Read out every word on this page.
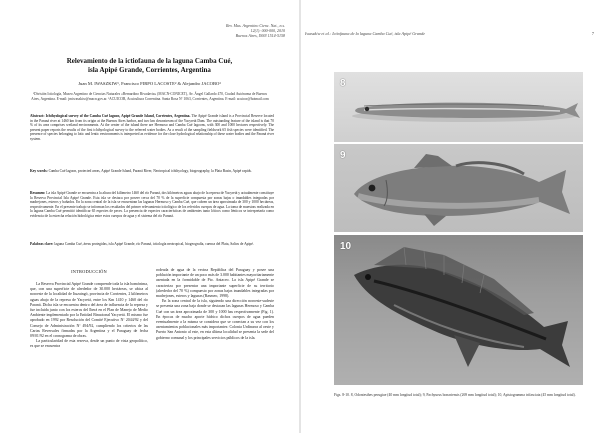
Rev. Mus. Argentino Cienc. Nat., n.s.
12(1): 000-000, 2010
Buenos Aires, ISSN 1514-5158
Relevamiento de la ictiofauna de la laguna Camba Cué,
isla Apipé Grande, Corrientes, Argentina
Juan M. IWASZKIW¹, Francisco FIRPO LACOSTE² & Alejandro JACOBO³
¹División Ictiología, Museo Argentino de Ciencias Naturales «Bernardino Rivadavia» (MACN-CONICET), Av. Ángel Gallardo 470, Ciudad Autónoma de Buenos Aires, Argentina. E-mail: jmiwaszkiw@macn.gov.ar. ²ACUICOR, Acuicultura Correntina. Santa Rosa Nº 1063, Corrientes, Argentina. E-mail: acuicor@hotmail.com
Abstract: Ichthyological survey of the Camba Cué lagoon, Apipé Grande Island, Corrientes, Argentina. The Apipé Grande island is a Provincial Reserve located in the Paraná river at 1460 km from its origin at the Buenos Aires harbor, and two km downstream of the Yacyretá Dam. The outstanding feature of the island is that 70 % of its area comprises wetland environments. At the center of the island there are Hermoso and Camba Cué lagoons, with 300 and 1000 hectares respectively. The present paper reports the results of the first ichthyological survey to the referred water bodies. As a result of the sampling fieldwork 65 fish species were identified. The presence of species belonging to lotic and lentic environments is interpreted as evidence for the close hydrological relationship of these water bodies and the Paraná river system.
Key words: Camba Cué lagoon, protected areas, Apipé Grande Island, Paraná River, Neotropical ichthyology, biogeography, la Plata Basin, Apipé rapids.
Resumen: La isla Apipé Grande se encuentra a la altura del kilómetro 1460 del río Paraná, dos kilómetros aguas abajo de la represa de Yacyretá y actualmente constituye la Reserva Provincial Isla Apipé Grande. Esta isla se destaca por poseer cerca del 70 % de la superficie compuesta por zonas bajas o inundables integradas por madrejones, esteros y bañados. En la zona central de la isla se encuentran las lagunas Hermoso y Camba Cué, que cubren un área aproximada de 300 y 1000 hectáreas, respectivamente. En el presente trabajo se informan los resultados del primer relevamiento ictiológico de los referidos cuerpos de agua. La toma de muestras realizada en la laguna Camba Cué permitió identificar 65 especies de peces. La presencia de especies características de ambientes tanto lóticos como lénticos se interpretaría como evidencia de la estrecha relación hidrológica entre estos cuerpos de agua y el sistema del río Paraná.
Palabras clave: laguna Camba Cué, áreas protegidas, isla Apipé Grande, río Paraná, ictiología neotropical, biogeografía, cuenca del Plata, Saltos de Apipé.
INTRODUCCIÓN

La Reserva Provincial Apipé Grande comprende toda la isla homónima, que, con una superficie de alrededor de 30.000 hectáreas, se ubica al noroeste de la localidad de Ituzaingó, provincia de Corrientes, 2 kilómetros aguas abajo de la represa de Yacyretá, entre los Km 1410 y 1460 del río Paraná. Dicha isla se encuentra dentro del área de influencia de la represa y fue incluida junto con los esteros del Iberá en el Plan de Manejo de Medio Ambiente implementado por la Entidad Binacional Yacyretá. El mismo fue aprobado en 1992 por Resolución del Comité Ejecutivo Nº 2044/92 y del Consejo de Administración Nº 494/92, cumpliendo los criterios de las Cartas Reversales firmadas por la Argentina y el Paraguay de fecha 09/01/92 en el cronograma de obras.

La particularidad de esta reserva, desde un punto de vista geopolítico, es que se encuentra

rodeada de agua de la vecina República del Paraguay y posee una población importante de un poco más de 3.000 habitantes mayoritariamente asentada en la formidable de Pto. Antaceo. La isla Apipé Grande se caracteriza por presentar una importante superficie de su territorio (alrededor del 70 %) compuesto por zonas bajas inundables integradas por madrejones, esteros y lagunas (Rasmeo, 1998).

En la zona central de la isla, siguiendo una dirección noroeste-sudeste se presenta una zona baja donde se destacan las lagunas Hermoso y Camba Cué con un área aproximada de 300 y 1000 has respectivamente (Fig. 1). En épocas de mucho aporte hídrico dichos cuerpos de agua pueden eventualmente a la misma se considera que se conectan a su vez con los asentamientos poblacionales más importantes: Colonia Urdinarra al oeste y Puerto San Antonio al este, en esta última localidad se presenta la sede del gobierno comunal y los principales servicios públicos de la isla.

Iwaszkiw et al.: Ictiofauna de la laguna Camba Cué, isla Apipé Grande	7
8
9
10
Figs. 8-10. 8, Odontesthes perugiae (40 mm longitud total); 9, Pachyurus bonariensis (269 mm longitud total); 10, Apistogramma trifasciata (45 mm longitud total).
